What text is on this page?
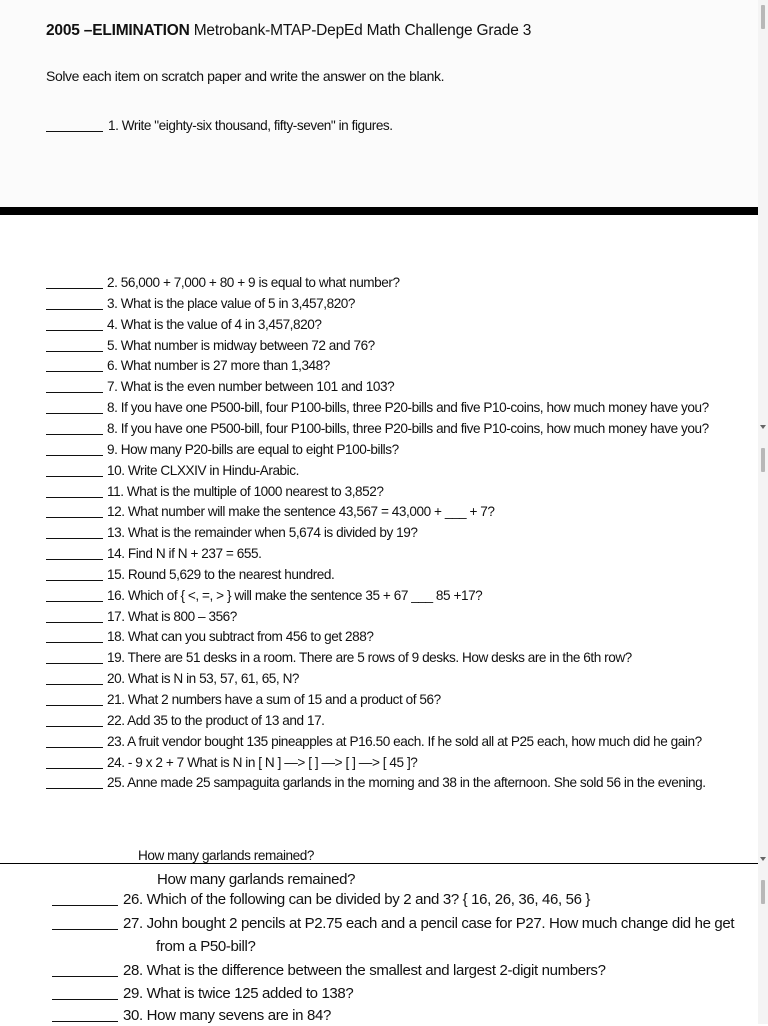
2005 –ELIMINATION Metrobank-MTAP-DepEd Math Challenge Grade 3
Solve each item on scratch paper and write the answer on the blank.
1. Write "eighty-six thousand, fifty-seven" in figures.
2. 56,000 + 7,000 + 80 + 9 is equal to what number?
3. What is the place value of 5 in 3,457,820?
4. What is the value of 4 in 3,457,820?
5. What number is midway between 72 and 76?
6. What number is 27 more than 1,348?
7. What is the even number between 101 and 103?
8. If you have one P500-bill, four P100-bills, three P20-bills and five P10-coins, how much money have you?
8. If you have one P500-bill, four P100-bills, three P20-bills and five P10-coins, how much money have you?
9. How many P20-bills are equal to eight P100-bills?
10. Write CLXXIV in Hindu-Arabic.
11. What is the multiple of 1000 nearest to 3,852?
12. What number will make the sentence 43,567 = 43,000 + ___ + 7?
13. What is the remainder when 5,674 is divided by 19?
14. Find N if N + 237 = 655.
15. Round 5,629 to the nearest hundred.
16. Which of { <, =, > } will make the sentence 35 + 67 ___ 85 +17?
17. What is 800 – 356?
18. What can you subtract from 456 to get 288?
19. There are 51 desks in a room. There are 5 rows of 9 desks. How desks are in the 6th row?
20. What is N in 53, 57, 61, 65, N?
21. What 2 numbers have a sum of 15 and a product of 56?
22. Add 35 to the product of 13 and 17.
23. A fruit vendor bought 135 pineapples at P16.50 each. If he sold all at P25 each, how much did he gain?
24. - 9 x 2 + 7 What is N in [ N ] —> [ ] —> [ ] —> [ 45 ]?
25. Anne made 25 sampaguita garlands in the morning and 38 in the afternoon. She sold 56 in the evening.
How many garlands remained?
How many garlands remained?
26. Which of the following can be divided by 2 and 3? { 16, 26, 36, 46, 56 }
27. John bought 2 pencils at P2.75 each and a pencil case for P27. How much change did he get
28. What is the difference between the smallest and largest 2-digit numbers?
29. What is twice 125 added to 138?
30. How many sevens are in 84?
from a P50-bill?
